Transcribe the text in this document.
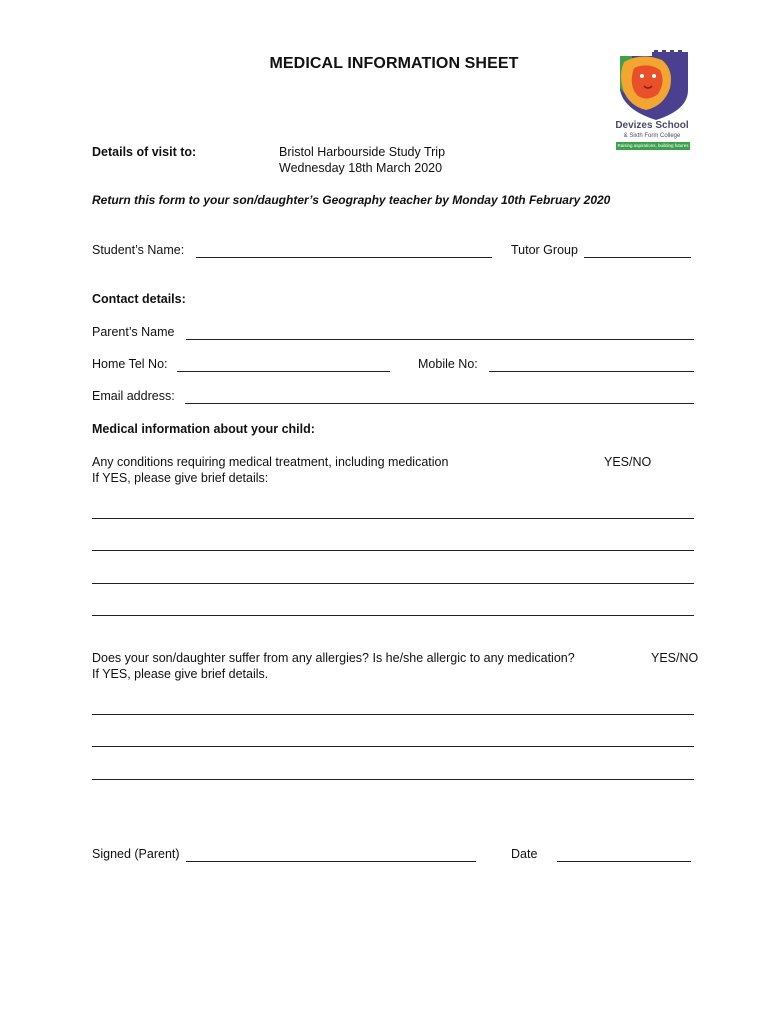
MEDICAL INFORMATION SHEET
Devizes School
& Sixth Form College
Raising aspirations, building futures
Details of visit to:	Bristol Harbourside Study Trip
Wednesday 18th March 2020
Return this form to your son/daughter’s Geography teacher by Monday 10th February 2020
Student’s Name:	Tutor Group
Contact details:
Parent’s Name
Home Tel No:	Mobile No:
Email address:
Medical information about your child:
Any conditions requiring medical treatment, including medication	YES/NO
If YES, please give brief details:
Does your son/daughter suffer from any allergies? Is he/she allergic to any medication?	YES/NO
If YES, please give brief details.
Signed (Parent)	Date
